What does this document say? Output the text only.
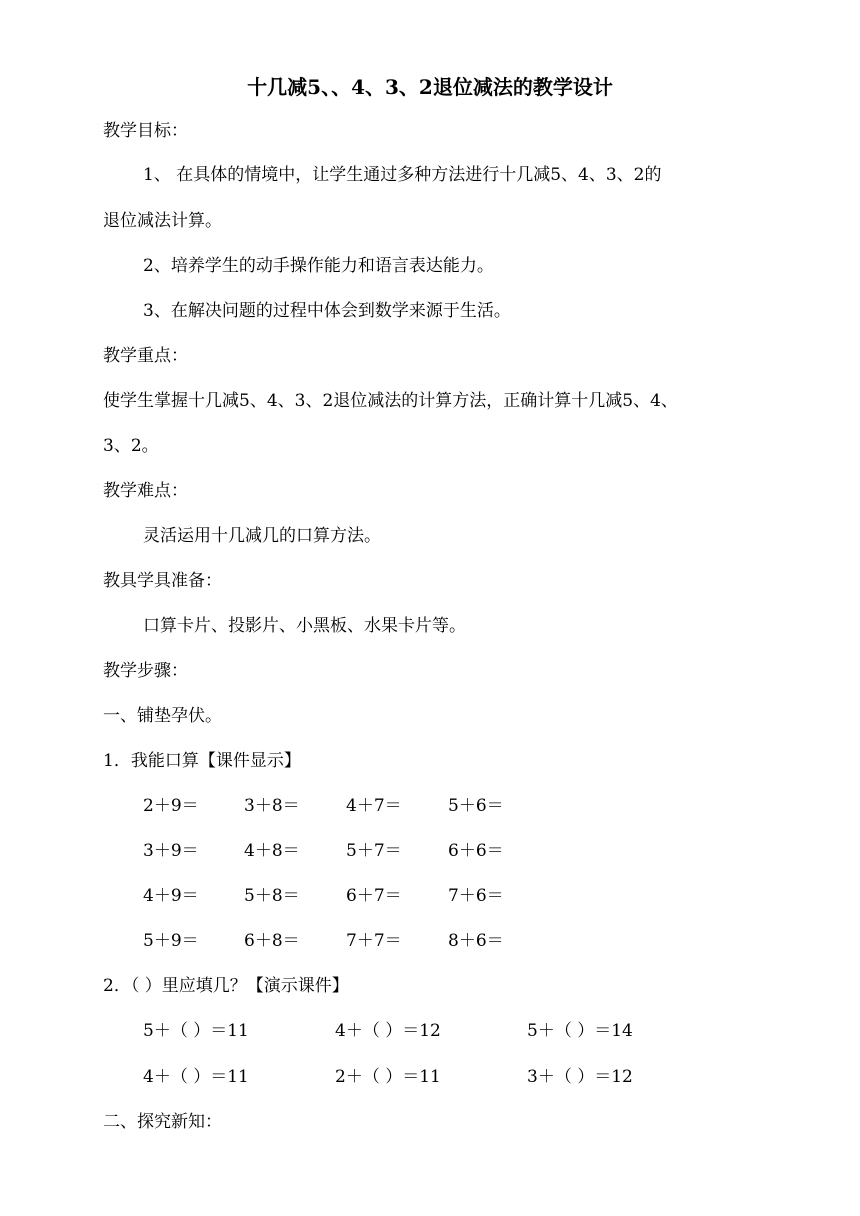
十几减5、、4、3、2退位减法的教学设计
教学目标：
1、 在具体的情境中，让学生通过多种方法进行十几减5、4、3、2的
退位减法计算。
2、培养学生的动手操作能力和语言表达能力。
3、在解决问题的过程中体会到数学来源于生活。
教学重点：
使学生掌握十几减5、4、3、2退位减法的计算方法，正确计算十几减5、4、
3、2。
教学难点：
灵活运用十几减几的口算方法。
教具学具准备：
口算卡片、投影片、小黑板、水果卡片等。
教学步骤：
一、铺垫孕伏。
1．我能口算【课件显示】
2＋9＝	3＋8＝	4＋7＝	5＋6＝
3＋9＝	4＋8＝	5＋7＝	6＋6＝
4＋9＝	5＋8＝	6＋7＝	7＋6＝
5＋9＝	6＋8＝	7＋7＝	8＋6＝
2．（ ）里应填几？【演示课件】
5＋（ ）＝11	4＋（ ）＝12	5＋（ ）＝14
4＋（ ）＝11	2＋（ ）＝11	3＋（ ）＝12
二、探究新知：
